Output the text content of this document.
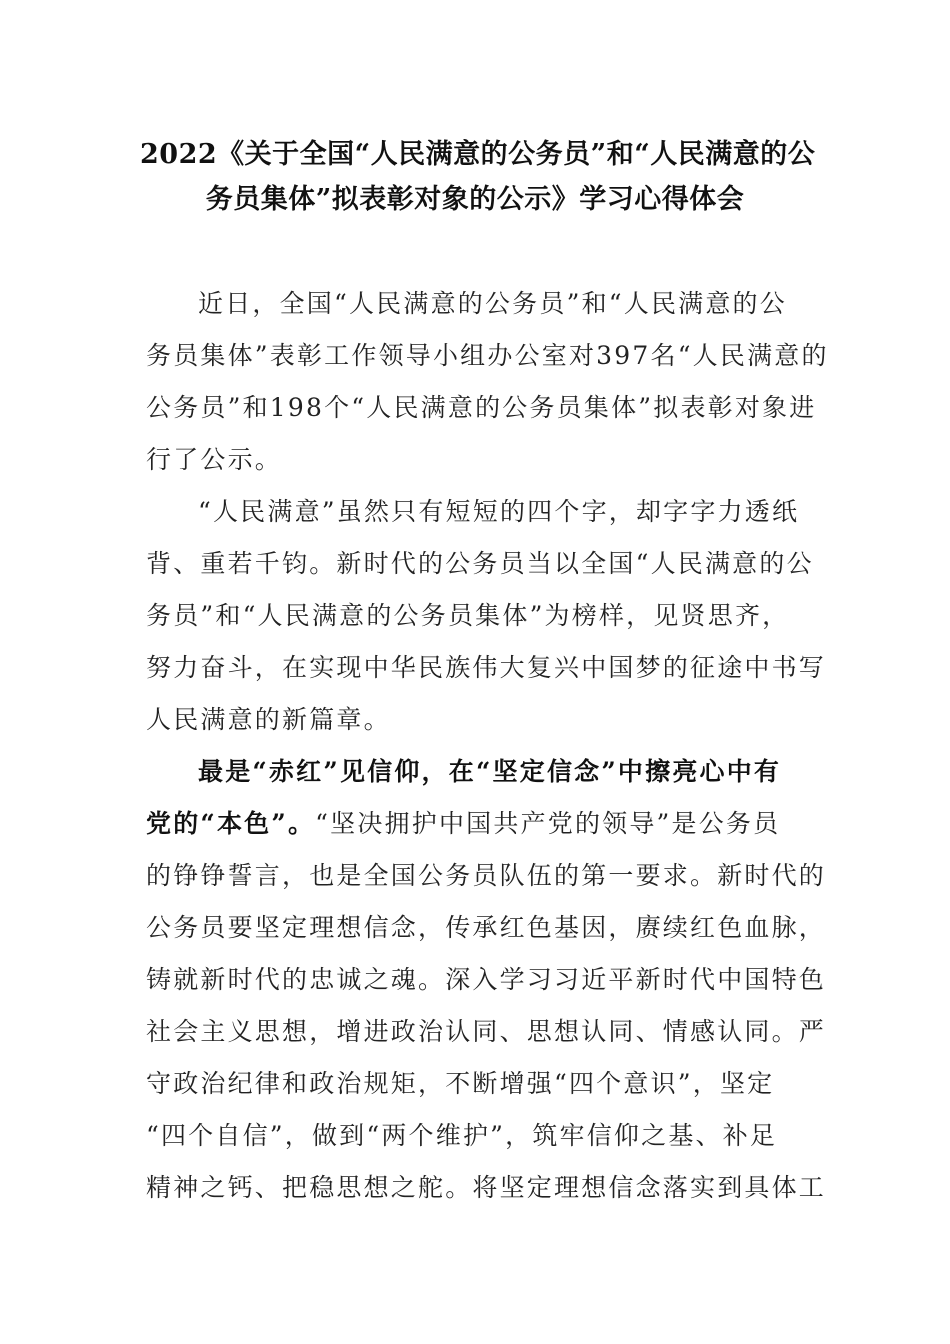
2022《关于全国“人民满意的公务员”和“人民满意的公
务员集体”拟表彰对象的公示》学习心得体会
近日，全国“人民满意的公务员”和“人民满意的公
务员集体”表彰工作领导小组办公室对397名“人民满意的
公务员”和198个“人民满意的公务员集体”拟表彰对象进
行了公示。
“人民满意”虽然只有短短的四个字，却字字力透纸
背、重若千钧。新时代的公务员当以全国“人民满意的公
务员”和“人民满意的公务员集体”为榜样，见贤思齐，
努力奋斗，在实现中华民族伟大复兴中国梦的征途中书写
人民满意的新篇章。
最是“赤红”见信仰，在“坚定信念”中擦亮心中有
党的“本色”。“坚决拥护中国共产党的领导”是公务员
的铮铮誓言，也是全国公务员队伍的第一要求。新时代的
公务员要坚定理想信念，传承红色基因，赓续红色血脉，
铸就新时代的忠诚之魂。深入学习习近平新时代中国特色
社会主义思想，增进政治认同、思想认同、情感认同。严
守政治纪律和政治规矩，不断增强“四个意识”，坚定
“四个自信”，做到“两个维护”，筑牢信仰之基、补足
精神之钙、把稳思想之舵。将坚定理想信念落实到具体工
